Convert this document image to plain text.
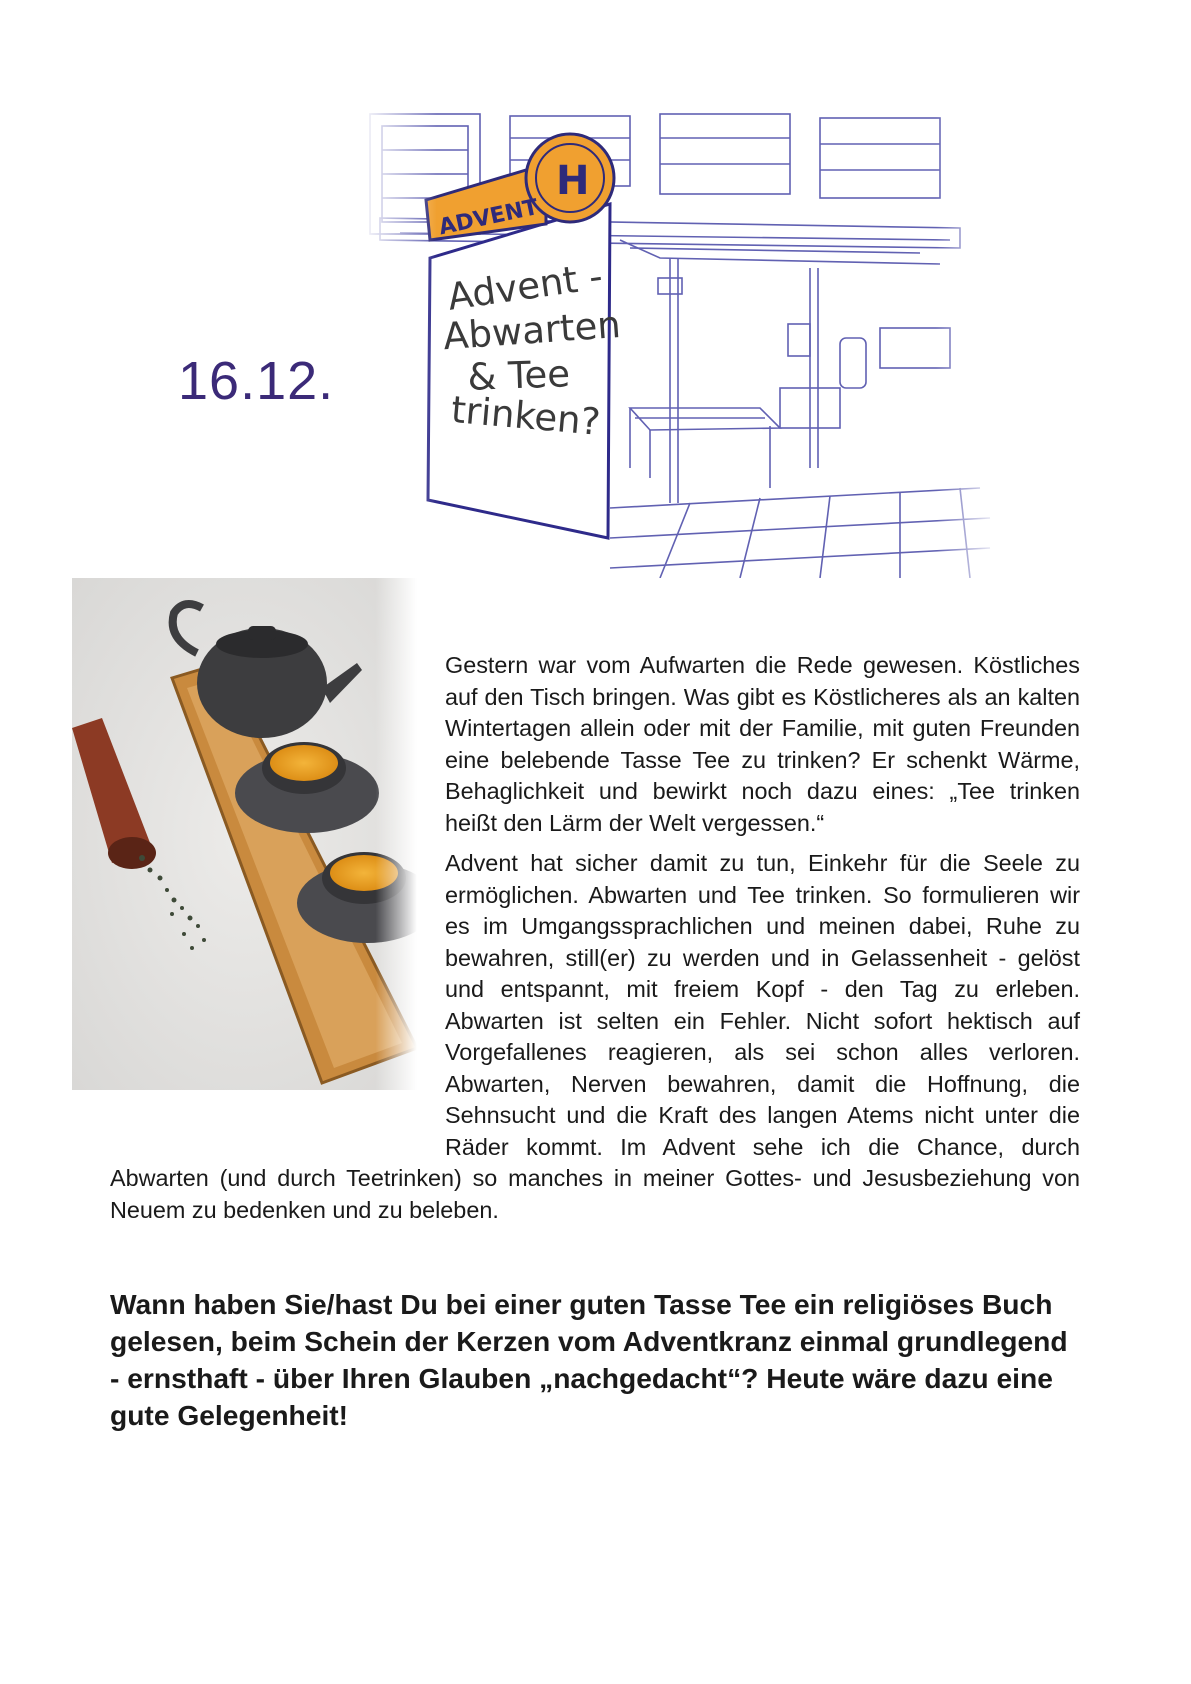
16.12.

Gestern war vom Aufwarten die Rede gewesen. Köstliches auf den Tisch bringen. Was gibt es Köstlicheres als an kalten Wintertagen allein oder mit der Familie, mit guten Freunden eine belebende Tasse Tee zu trinken? Er schenkt Wärme, Behaglichkeit und bewirkt noch dazu eines: „Tee trinken heißt den Lärm der Welt vergessen.“

Advent hat sicher damit zu tun, Einkehr für die Seele zu ermöglichen. Abwarten und Tee trinken. So formulieren wir es im Umgangssprachlichen und meinen dabei, Ruhe zu bewahren, still(er) zu werden und in Gelassenheit - gelöst und entspannt, mit freiem Kopf - den Tag zu erleben. Abwarten ist selten ein Fehler. Nicht sofort hektisch auf Vorgefallenes reagieren, als sei schon alles verloren. Abwarten, Nerven bewahren, damit die Hoffnung, die Sehnsucht und die Kraft des langen Atems nicht unter die Räder kommt. Im Advent sehe ich die Chance, durch Abwarten (und durch Teetrinken) so manches in meiner Gottes- und Jesusbeziehung von Neuem zu bedenken und zu beleben.

Wann haben Sie/hast Du bei einer guten Tasse Tee ein religiöses Buch gelesen, beim Schein der Kerzen vom Adventkranz einmal grundlegend - ernsthaft - über Ihren Glauben „nachgedacht“? Heute wäre dazu eine gute Gelegenheit!
